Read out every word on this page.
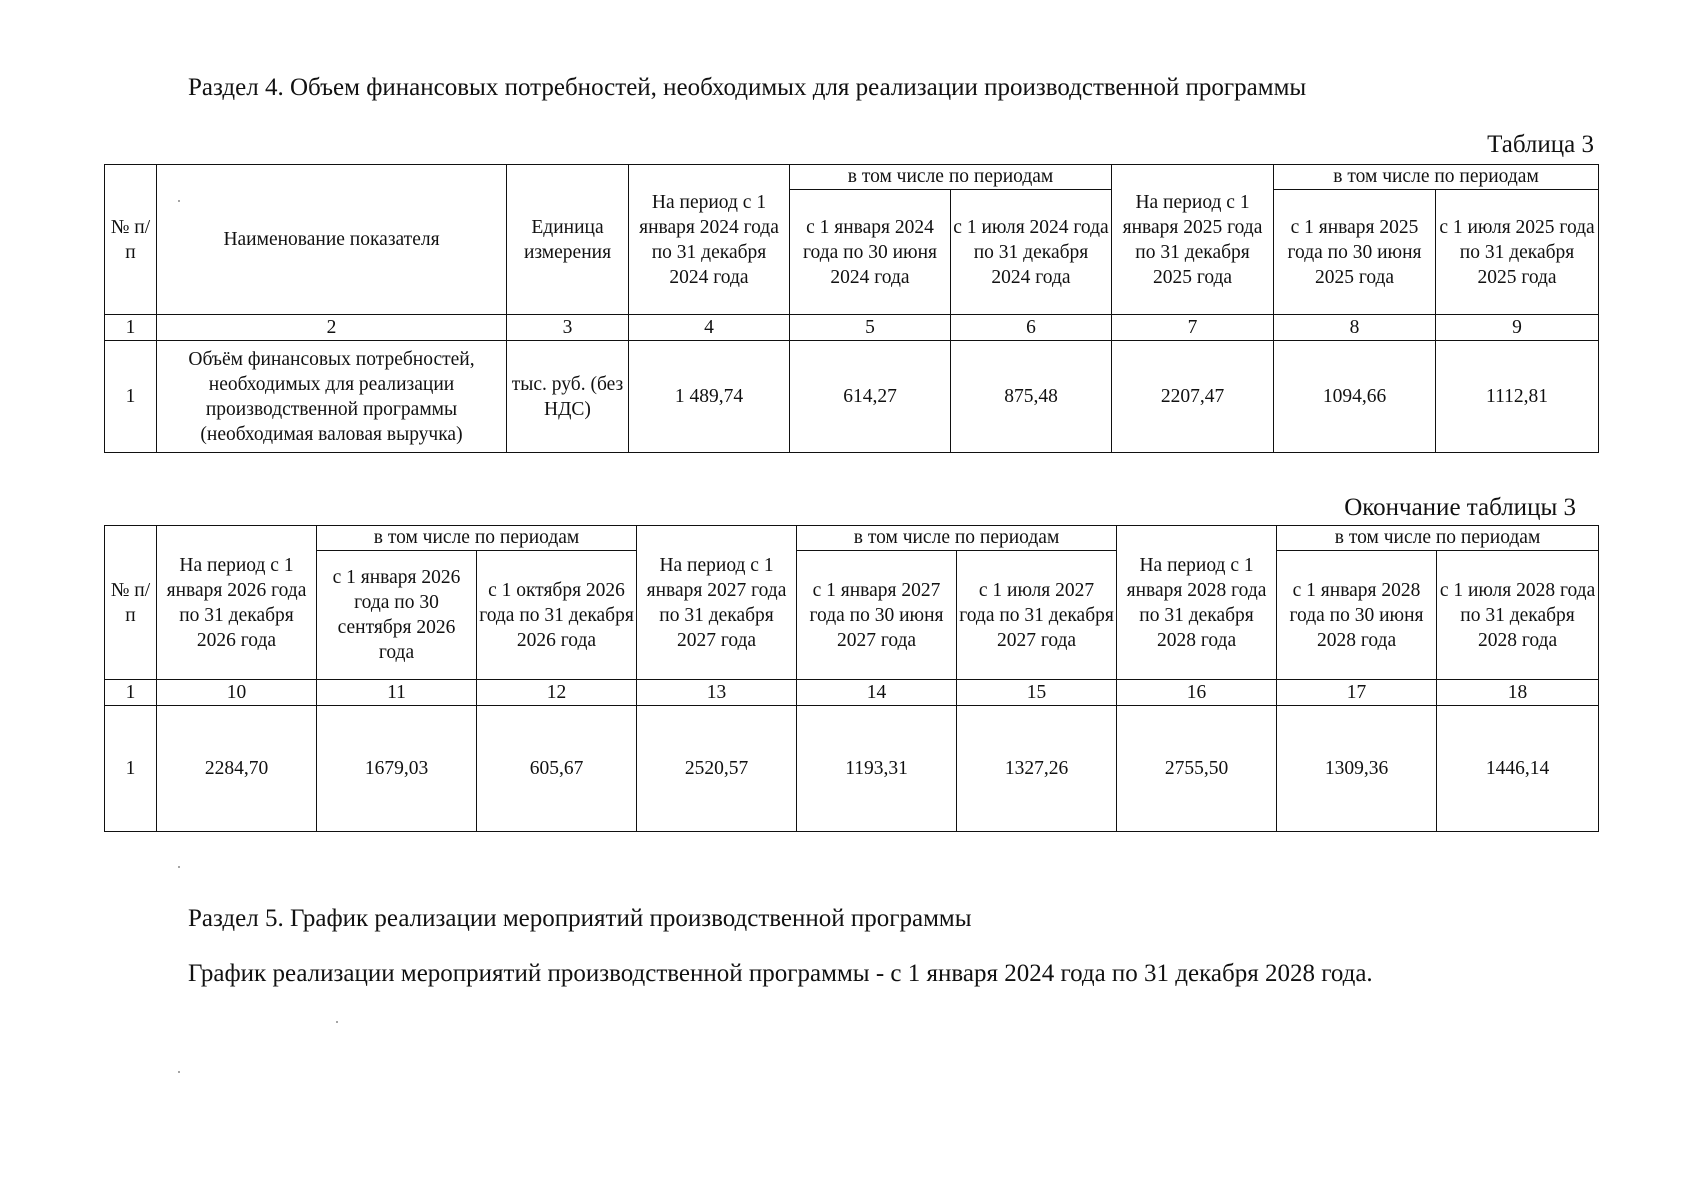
Раздел 4. Объем финансовых потребностей, необходимых для реализации производственной программы
Таблица 3
№ п/п	Наименование показателя	Единица измерения	На период с 1 января 2024 года по 31 декабря 2024 года	в том числе по периодам		На период с 1 января 2025 года по 31 декабря 2025 года	в том числе по периодам	
				с 1 января 2024 года по 30 июня 2024 года	с 1 июля 2024 года по 31 декабря 2024 года		с 1 января 2025 года по 30 июня 2025 года	с 1 июля 2025 года по 31 декабря 2025 года
1	2	3	4	5	6	7	8	9
1	Объём финансовых потребностей, необходимых для реализации производственной программы (необходимая валовая выручка)	тыс. руб. (без НДС)	1 489,74	614,27	875,48	2207,47	1094,66	1112,81
Окончание таблицы 3
№ п/п	На период с 1 января 2026 года по 31 декабря 2026 года	в том числе по периодам		На период с 1 января 2027 года по 31 декабря 2027 года	в том числе по периодам		На период с 1 января 2028 года по 31 декабря 2028 года	в том числе по периодам	
		с 1 января 2026 года по 30 сентября 2026 года	с 1 октября 2026 года по 31 декабря 2026 года		с 1 января 2027 года по 30 июня 2027 года	с 1 июля 2027 года по 31 декабря 2027 года		с 1 января 2028 года по 30 июня 2028 года	с 1 июля 2028 года по 31 декабря 2028 года
1	10	11	12	13	14	15	16	17	18
1	2284,70	1679,03	605,67	2520,57	1193,31	1327,26	2755,50	1309,36	1446,14
Раздел 5. График реализации мероприятий производственной программы
График реализации мероприятий производственной программы - с 1 января 2024 года по 31 декабря 2028 года.
